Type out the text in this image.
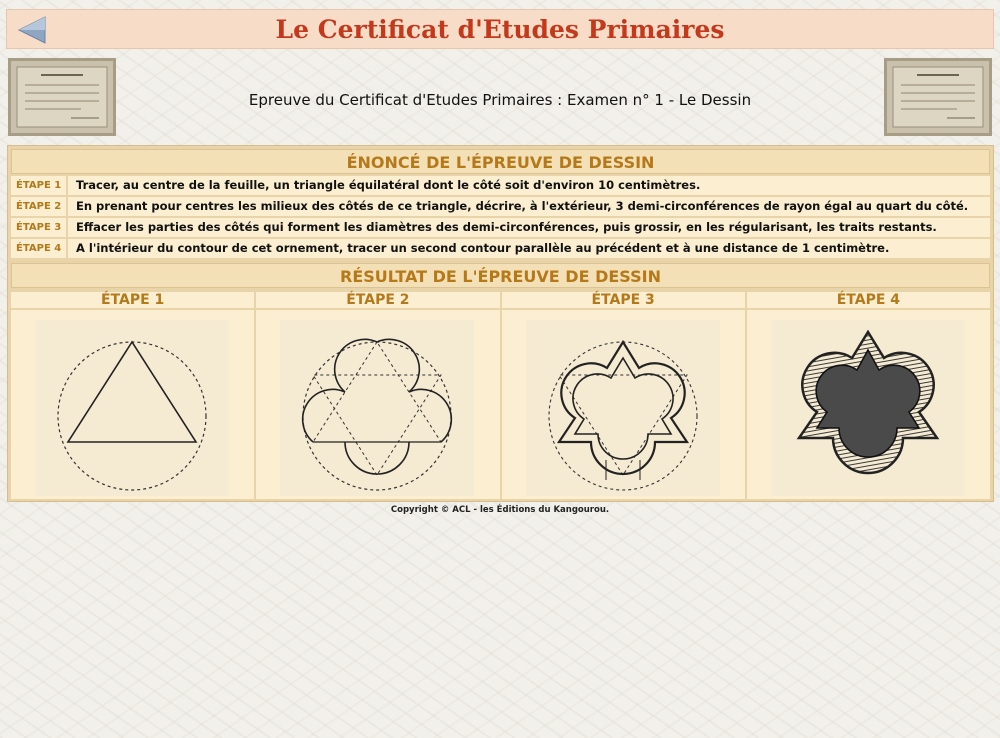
Le Certificat d'Etudes Primaires
Epreuve du Certificat d'Etudes Primaires : Examen n° 1 - Le Dessin
ÉNONCÉ DE L'ÉPREUVE DE DESSIN
ÉTAPE 1	Tracer, au centre de la feuille, un triangle équilatéral dont le côté soit d'environ 10 centimètres.
ÉTAPE 2	En prenant pour centres les milieux des côtés de ce triangle, décrire, à l'extérieur, 3 demi-circonférences de rayon égal au quart du côté.
ÉTAPE 3	Effacer les parties des côtés qui forment les diamètres des demi-circonférences, puis grossir, en les régularisant, les traits restants.
ÉTAPE 4	A l'intérieur du contour de cet ornement, tracer un second contour parallèle au précédent et à une distance de 1 centimètre.
RÉSULTAT DE L'ÉPREUVE DE DESSIN
ÉTAPE 1	ÉTAPE 2	ÉTAPE 3	ÉTAPE 4
Copyright © ACL - les Éditions du Kangourou.
